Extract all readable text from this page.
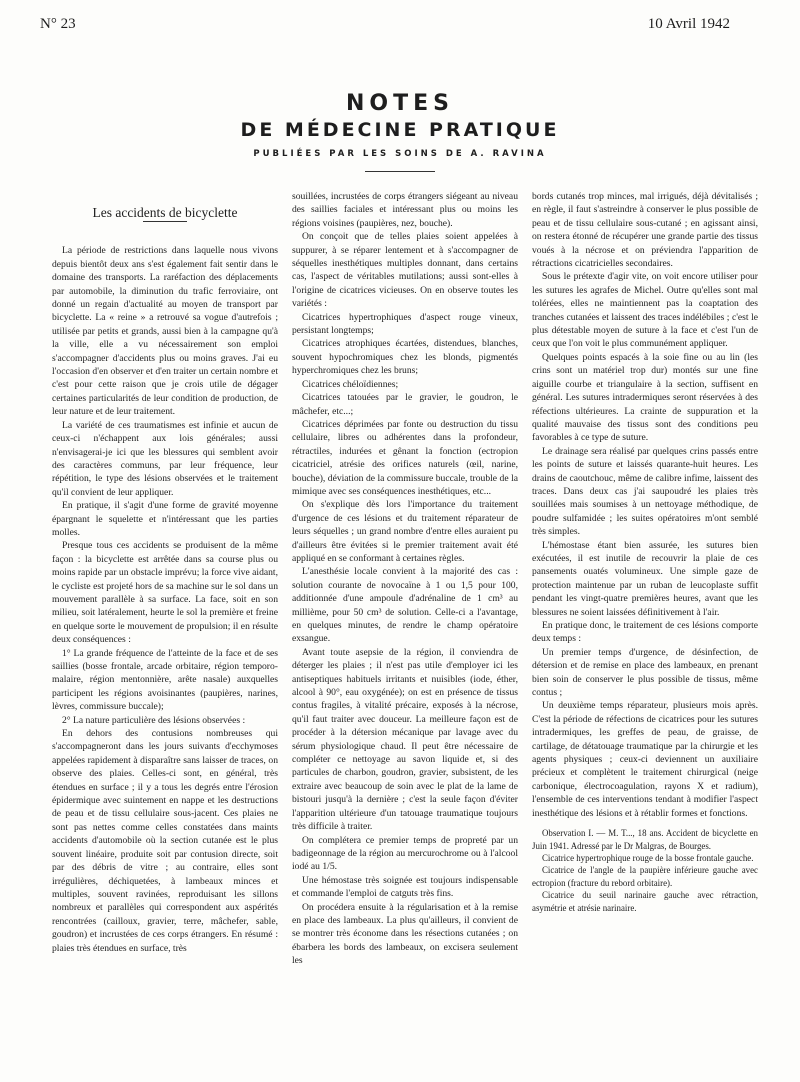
N° 23	10 Avril 1942
NOTES
DE MÉDECINE PRATIQUE
PUBLIÉES PAR LES SOINS DE A. RAVINA
Les accidents de bicyclette

La période de restrictions dans laquelle nous vivons depuis bientôt deux ans s'est également fait sentir dans le domaine des transports. La raréfaction des déplacements par automobile, la diminution du trafic ferroviaire, ont donné un regain d'actualité au moyen de transport par bicyclette. La « reine » a retrouvé sa vogue d'autrefois ; utilisée par petits et grands, aussi bien à la campagne qu'à la ville, elle a vu nécessairement son emploi s'accompagner d'accidents plus ou moins graves. J'ai eu l'occasion d'en observer et d'en traiter un certain nombre et c'est pour cette raison que je crois utile de dégager certaines particularités de leur condition de production, de leur nature et de leur traitement.

La variété de ces traumatismes est infinie et aucun de ceux-ci n'échappent aux lois générales; aussi n'envisagerai-je ici que les blessures qui semblent avoir des caractères communs, par leur fréquence, leur répétition, le type des lésions observées et le traitement qu'il convient de leur appliquer.

En pratique, il s'agit d'une forme de gravité moyenne épargnant le squelette et n'intéressant que les parties molles.

Presque tous ces accidents se produisent de la même façon : la bicyclette est arrêtée dans sa course plus ou moins rapide par un obstacle imprévu; la force vive aidant, le cycliste est projeté hors de sa machine sur le sol dans un mouvement parallèle à sa surface. La face, soit en son milieu, soit latéralement, heurte le sol la première et freine en quelque sorte le mouvement de propulsion; il en résulte deux conséquences :

1° La grande fréquence de l'atteinte de la face et de ses saillies (bosse frontale, arcade orbitaire, région temporo-malaire, région mentonnière, arête nasale) auxquelles participent les régions avoisinantes (paupières, narines, lèvres, commissure buccale);

2° La nature particulière des lésions observées :

En dehors des contusions nombreuses qui s'accompagneront dans les jours suivants d'ecchymoses appelées rapidement à disparaître sans laisser de traces, on observe des plaies. Celles-ci sont, en général, très étendues en surface ; il y a tous les degrés entre l'érosion épidermique avec suintement en nappe et les destructions de peau et de tissu cellulaire sous-jacent. Ces plaies ne sont pas nettes comme celles constatées dans maints accidents d'automobile où la section cutanée est le plus souvent linéaire, produite soit par contusion directe, soit par des débris de vitre ; au contraire, elles sont irrégulières, déchiquetées, à lambeaux minces et multiples, souvent ravinées, reproduisant les sillons nombreux et parallèles qui correspondent aux aspérités rencontrées (cailloux, gravier, terre, mâchefer, sable, goudron) et incrustées de ces corps étrangers. En résumé : plaies très étendues en surface, très

souillées, incrustées de corps étrangers siégeant au niveau des saillies faciales et intéressant plus ou moins les régions voisines (paupières, nez, bouche).

On conçoit que de telles plaies soient appelées à suppurer, à se réparer lentement et à s'accompagner de séquelles inesthétiques multiples donnant, dans certains cas, l'aspect de véritables mutilations; aussi sont-elles à l'origine de cicatrices vicieuses. On en observe toutes les variétés :

Cicatrices hypertrophiques d'aspect rouge vineux, persistant longtemps;

Cicatrices atrophiques écartées, distendues, blanches, souvent hypochromiques chez les blonds, pigmentés hyperchromiques chez les bruns;

Cicatrices chéloïdiennes;

Cicatrices tatouées par le gravier, le goudron, le mâchefer, etc...;

Cicatrices déprimées par fonte ou destruction du tissu cellulaire, libres ou adhérentes dans la profondeur, rétractiles, indurées et gênant la fonction (ectropion cicatriciel, atrésie des orifices naturels (œil, narine, bouche), déviation de la commissure buccale, trouble de la mimique avec ses conséquences inesthétiques, etc...

On s'explique dès lors l'importance du traitement d'urgence de ces lésions et du traitement réparateur de leurs séquelles ; un grand nombre d'entre elles auraient pu d'ailleurs être évitées si le premier traitement avait été appliqué en se conformant à certaines règles.

L'anesthésie locale convient à la majorité des cas : solution courante de novocaïne à 1 ou 1,5 pour 100, additionnée d'une ampoule d'adrénaline de 1 cm³ au millième, pour 50 cm³ de solution. Celle-ci a l'avantage, en quelques minutes, de rendre le champ opératoire exsangue.

Avant toute asepsie de la région, il conviendra de déterger les plaies ; il n'est pas utile d'employer ici les antiseptiques habituels irritants et nuisibles (iode, éther, alcool à 90°, eau oxygénée); on est en présence de tissus contus fragiles, à vitalité précaire, exposés à la nécrose, qu'il faut traiter avec douceur. La meilleure façon est de procéder à la détersion mécanique par lavage avec du sérum physiologique chaud. Il peut être nécessaire de compléter ce nettoyage au savon liquide et, si des particules de charbon, goudron, gravier, subsistent, de les extraire avec beaucoup de soin avec le plat de la lame de bistouri jusqu'à la dernière ; c'est la seule façon d'éviter l'apparition ultérieure d'un tatouage traumatique toujours très difficile à traiter.

On complétera ce premier temps de propreté par un badigeonnage de la région au mercurochrome ou à l'alcool iodé au 1/5.

Une hémostase très soignée est toujours indispensable et commande l'emploi de catguts très fins.

On procédera ensuite à la régularisation et à la remise en place des lambeaux. La plus qu'ailleurs, il convient de se montrer très économe dans les résections cutanées ; on ébarbera les bords des lambeaux, on excisera seulement les

bords cutanés trop minces, mal irrigués, déjà dévitalisés ; en règle, il faut s'astreindre à conserver le plus possible de peau et de tissu cellulaire sous-cutané ; en agissant ainsi, on restera étonné de récupérer une grande partie des tissus voués à la nécrose et on préviendra l'apparition de rétractions cicatricielles secondaires.

Sous le prétexte d'agir vite, on voit encore utiliser pour les sutures les agrafes de Michel. Outre qu'elles sont mal tolérées, elles ne maintiennent pas la coaptation des tranches cutanées et laissent des traces indélébiles ; c'est le plus détestable moyen de suture à la face et c'est l'un de ceux que l'on voit le plus communément appliquer.

Quelques points espacés à la soie fine ou au lin (les crins sont un matériel trop dur) montés sur une fine aiguille courbe et triangulaire à la section, suffisent en général. Les sutures intradermiques seront réservées à des réfections ultérieures. La crainte de suppuration et la qualité mauvaise des tissus sont des conditions peu favorables à ce type de suture.

Le drainage sera réalisé par quelques crins passés entre les points de suture et laissés quarante-huit heures. Les drains de caoutchouc, même de calibre infime, laissent des traces. Dans deux cas j'ai saupoudré les plaies très souillées mais soumises à un nettoyage méthodique, de poudre sulfamidée ; les suites opératoires m'ont semblé très simples.

L'hémostase étant bien assurée, les sutures bien exécutées, il est inutile de recouvrir la plaie de ces pansements ouatés volumineux. Une simple gaze de protection maintenue par un ruban de leucoplaste suffit pendant les vingt-quatre premières heures, avant que les blessures ne soient laissées définitivement à l'air.

En pratique donc, le traitement de ces lésions comporte deux temps :

Un premier temps d'urgence, de désinfection, de détersion et de remise en place des lambeaux, en prenant bien soin de conserver le plus possible de tissus, même contus ;

Un deuxième temps réparateur, plusieurs mois après. C'est la période de réfections de cicatrices pour les sutures intradermiques, les greffes de peau, de graisse, de cartilage, de détatouage traumatique par la chirurgie et les agents physiques ; ceux-ci deviennent un auxiliaire précieux et complètent le traitement chirurgical (neige carbonique, électrocoagulation, rayons X et radium), l'ensemble de ces interventions tendant à modifier l'aspect inesthétique des lésions et à rétablir formes et fonctions.

Observation I. — M. T..., 18 ans. Accident de bicyclette en Juin 1941. Adressé par le Dr Malgras, de Bourges.

Cicatrice hypertrophique rouge de la bosse frontale gauche.

Cicatrice de l'angle de la paupière inférieure gauche avec ectropion (fracture du rebord orbitaire).

Cicatrice du seuil narinaire gauche avec rétraction, asymétrie et atrésie narinaire.
